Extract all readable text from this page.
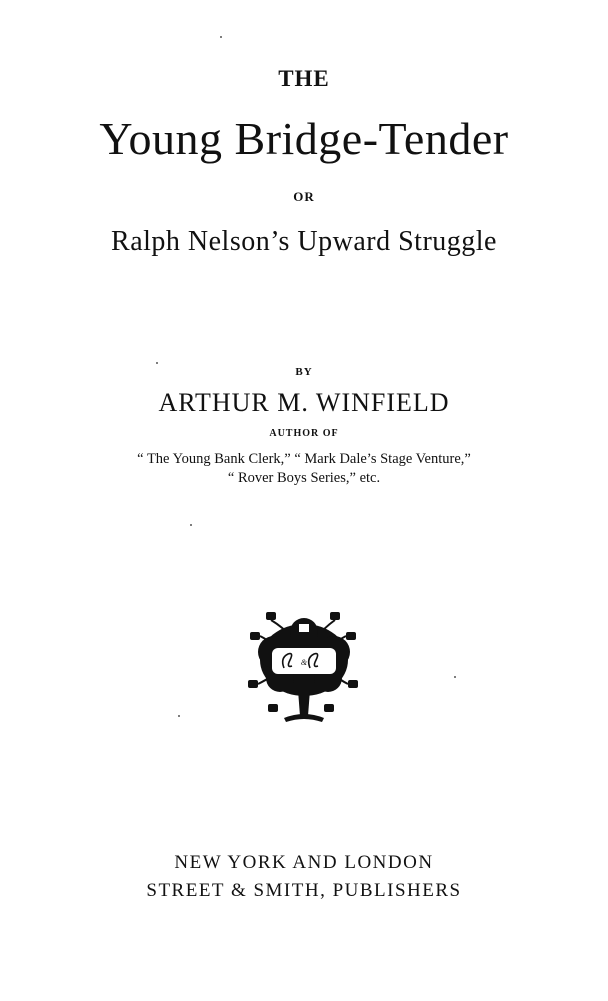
THE
Young Bridge-Tender
OR
Ralph Nelson’s Upward Struggle
BY
ARTHUR M. WINFIELD
AUTHOR OF
“ The Young Bank Clerk,” “ Mark Dale’s Stage Venture,”
“ Rover Boys Series,” etc.
&
NEW YORK AND LONDON
STREET & SMITH, PUBLISHERS
